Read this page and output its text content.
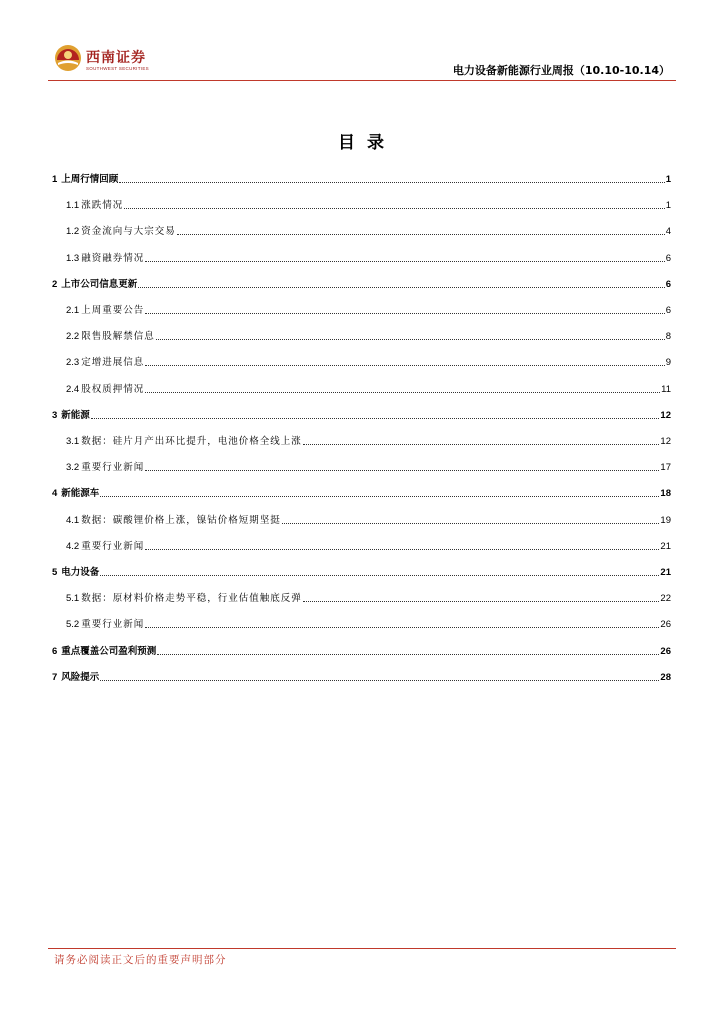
西南证券
SOUTHWEST SECURITIES	电力设备新能源行业周报（10.10-10.14）
目录
1 上周行情回顾	1
1.1 涨跌情况	1
1.2 资金流向与大宗交易	4
1.3 融资融券情况	6
2 上市公司信息更新	6
2.1 上周重要公告	6
2.2 限售股解禁信息	8
2.3 定增进展信息	9
2.4 股权质押情况	11
3 新能源	12
3.1 数据：硅片月产出环比提升，电池价格全线上涨	12
3.2 重要行业新闻	17
4 新能源车	18
4.1 数据：碳酸锂价格上涨，镍钴价格短期坚挺	19
4.2 重要行业新闻	21
5 电力设备	21
5.1 数据：原材料价格走势平稳，行业估值触底反弹	22
5.2 重要行业新闻	26
6 重点覆盖公司盈利预测	26
7 风险提示	28
请务必阅读正文后的重要声明部分
